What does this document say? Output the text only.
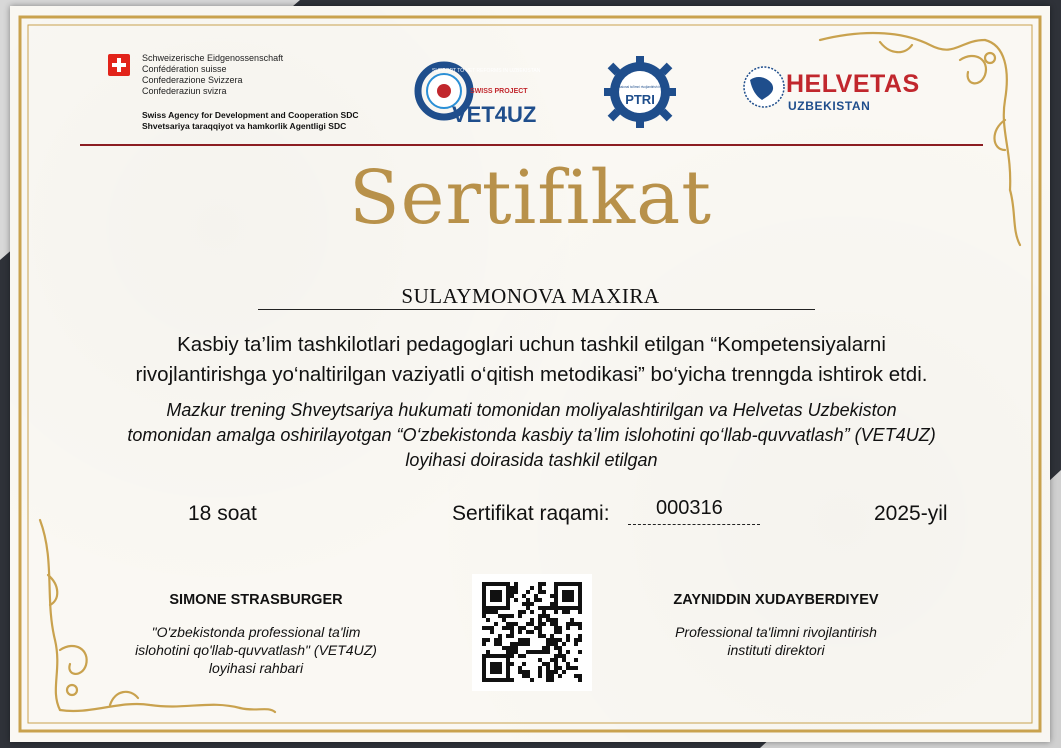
Schweizerische Eidgenossenschaft
Confédération suisse
Confederazione Svizzera
Confederaziun svizra
Swiss Agency for Development and Cooperation SDC
Shvetsariya taraqqiyot va hamkorlik Agentligi SDC
SUPPORT TO VET REFORMS IN UZBEKISTAN
SWISS PROJECT
VET4UZ
Professional ta'limni rivojlantirish instituti
PTRI
HELVETAS
UZBEKISTAN
Sertifikat
SULAYMONOVA MAXIRA
Kasbiy ta’lim tashkilotlari pedagoglari uchun tashkil etilgan “Kompetensiyalarni
rivojlantirishga yo‘naltirilgan vaziyatli o‘qitish metodikasi” bo‘yicha trenngda ishtirok etdi.
Mazkur trening Shveytsariya hukumati tomonidan moliyalashtirilgan va Helvetas Uzbekiston
tomonidan amalga oshirilayotgan “O‘zbekistonda kasbiy ta’lim islohotini qo‘llab-quvvatlash” (VET4UZ)
loyihasi doirasida tashkil etilgan
18 soat	Sertifikat raqami: 000316	2025-yil
SIMONE STRASBURGER
"O'zbekistonda professional ta'lim
islohotini qo'llab-quvvatlash" (VET4UZ)
loyihasi rahbari
ZAYNIDDIN XUDAYBERDIYEV
Professional ta'limni rivojlantirish
instituti direktori
